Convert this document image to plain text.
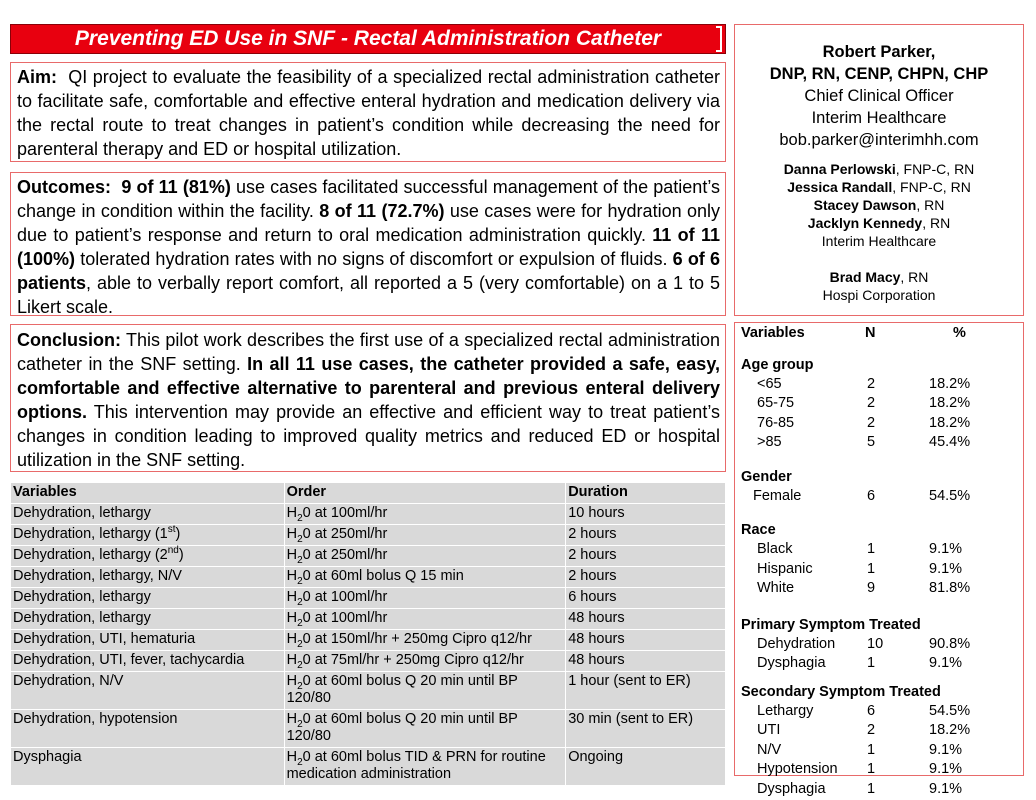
Preventing ED Use in SNF - Rectal Administration Catheter
Aim: QI project to evaluate the feasibility of a specialized rectal administration catheter to facilitate safe, comfortable and effective enteral hydration and medication delivery via the rectal route to treat changes in patient’s condition while decreasing the need for parenteral therapy and ED or hospital utilization.
Outcomes: 9 of 11 (81%) use cases facilitated successful management of the patient’s change in condition within the facility. 8 of 11 (72.7%) use cases were for hydration only due to patient’s response and return to oral medication administration quickly. 11 of 11 (100%) tolerated hydration rates with no signs of discomfort or expulsion of fluids. 6 of 6 patients, able to verbally report comfort, all reported a 5 (very comfortable) on a 1 to 5 Likert scale.
Conclusion: This pilot work describes the first use of a specialized rectal administration catheter in the SNF setting. In all 11 use cases, the catheter provided a safe, easy, comfortable and effective alternative to parenteral and previous enteral delivery options. This intervention may provide an effective and efficient way to treat patient’s changes in condition leading to improved quality metrics and reduced ED or hospital utilization in the SNF setting.
Robert Parker,
DNP, RN, CENP, CHPN, CHP
Chief Clinical Officer
Interim Healthcare
bob.parker@interimhh.com
Danna Perlowski, FNP-C, RN
Jessica Randall, FNP-C, RN
Stacey Dawson, RN
Jacklyn Kennedy, RN
Interim Healthcare
Brad Macy, RN
Hospi Corporation
Variables	N	%
Age group
<65	2	18.2%
65-75	2	18.2%
76-85	2	18.2%
>85	5	45.4%
Gender
Female	6	54.5%
Race
Black	1	9.1%
Hispanic	1	9.1%
White	9	81.8%
Primary Symptom Treated
Dehydration 10	90.8%
Dysphagia	1	9.1%
Secondary Symptom Treated
Lethargy	6	54.5%
UTI	2	18.2%
N/V	1	9.1%
Hypotension 1	9.1%
Dysphagia	1	9.1%
Variables	Order	Duration
Dehydration, lethargy	$H_20$ at 100ml/hr	10 hours
Dehydration, lethargy (1st)	$H_20$ at 250ml/hr	2 hours
Dehydration, lethargy (2nd)	$H_20$ at 250ml/hr	2 hours
Dehydration, lethargy, N/V	$H_20$ at 60ml bolus Q 15 min	2 hours
Dehydration, lethargy	$H_20$ at 100ml/hr	6 hours
Dehydration, lethargy	$H_20$ at 100ml/hr	48 hours
Dehydration, UTI, hematuria	$H_20$ at 150ml/hr + 250mg Cipro q12/hr	48 hours
Dehydration, UTI, fever, tachycardia	$H_20$ at 75ml/hr + 250mg Cipro q12/hr	48 hours
Dehydration, N/V	$H_20$ at 60ml bolus Q 20 min until BP 120/80	1 hour (sent to ER)
Dehydration, hypotension	$H_20$ at 60ml bolus Q 20 min until BP 120/80	30 min (sent to ER)
Dysphagia	$H_20$ at 60ml bolus TID & PRN for routine medication administration	Ongoing
